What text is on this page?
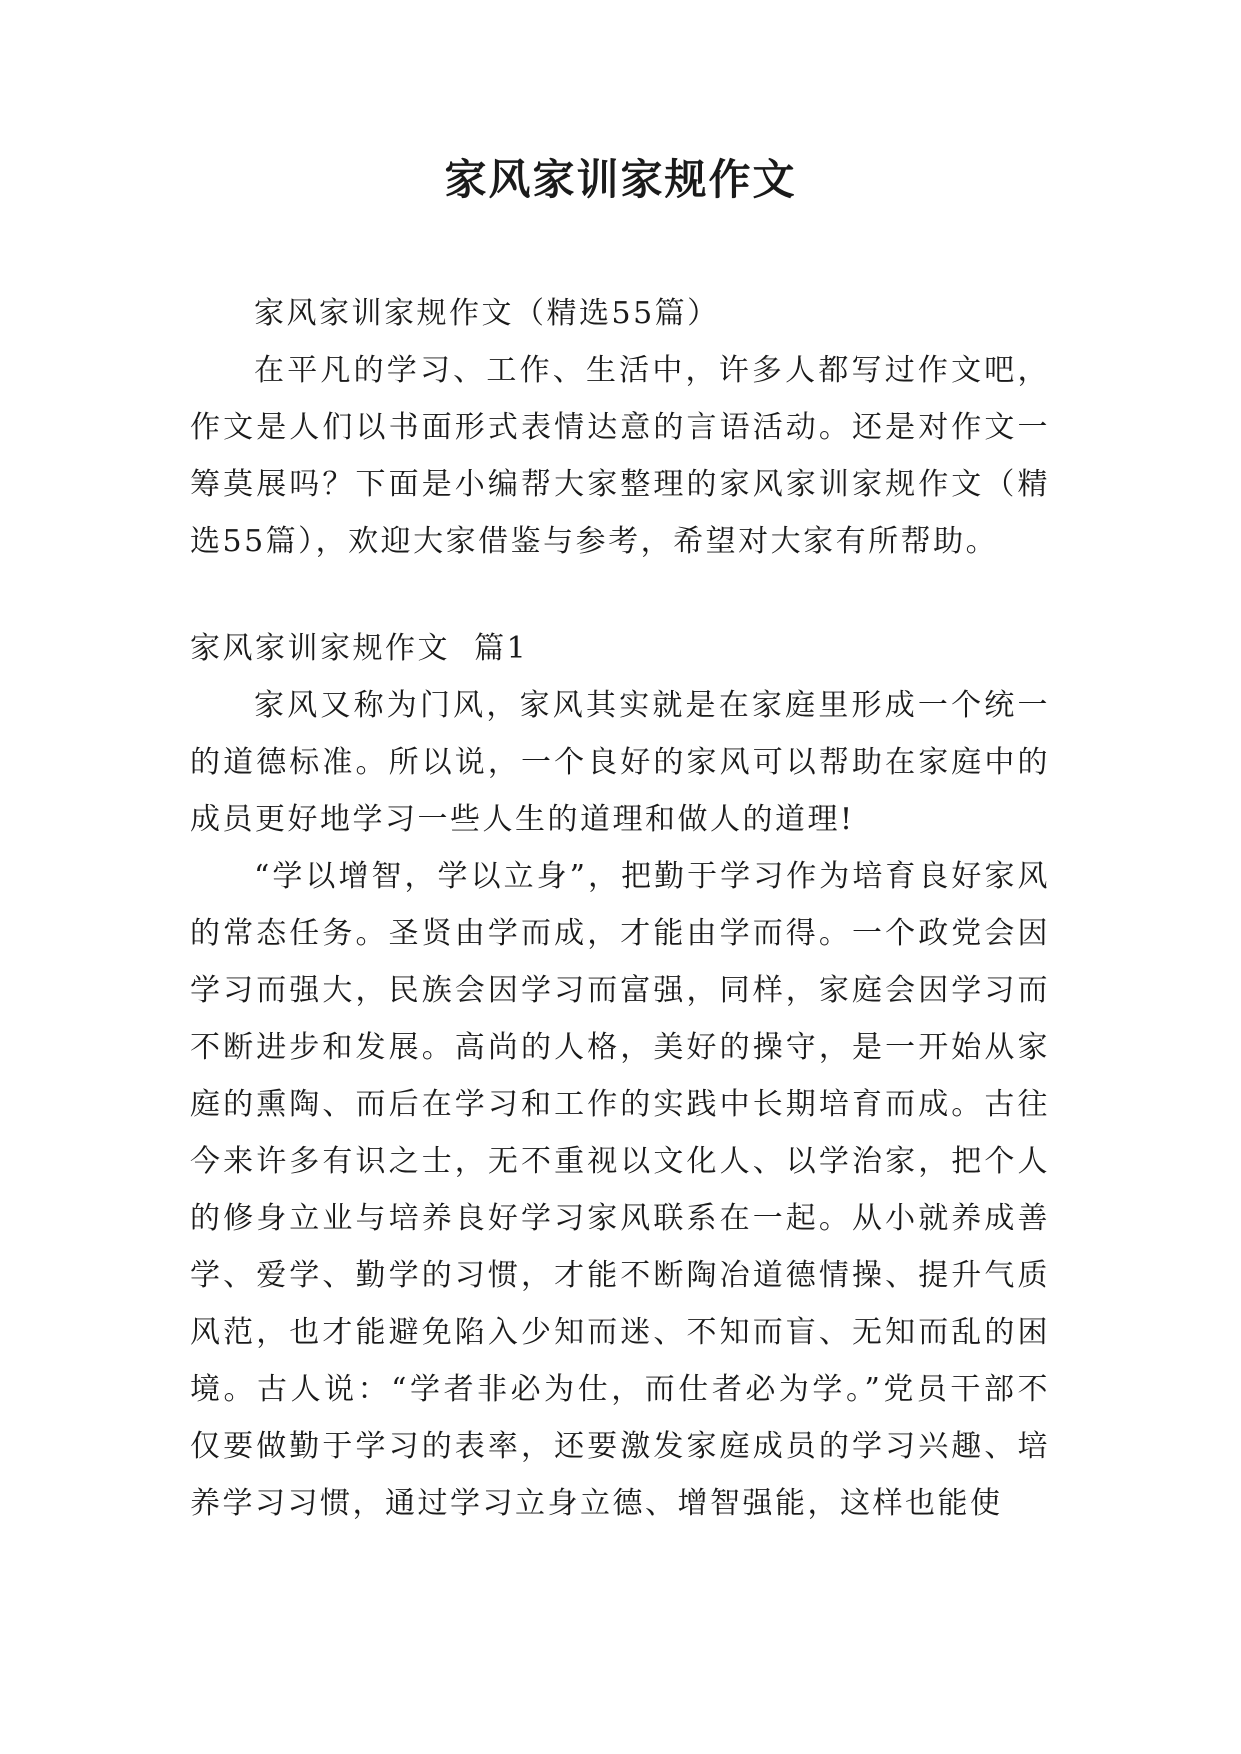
家风家训家规作文

家风家训家规作文（精选55篇）

在平凡的学习、工作、生活中，许多人都写过作文吧，作文是人们以书面形式表情达意的言语活动。还是对作文一筹莫展吗？下面是小编帮大家整理的家风家训家规作文（精选55篇），欢迎大家借鉴与参考，希望对大家有所帮助。

家风家训家规作文  篇1

家风又称为门风，家风其实就是在家庭里形成一个统一的道德标准。所以说，一个良好的家风可以帮助在家庭中的成员更好地学习一些人生的道理和做人的道理!

“学以增智，学以立身”，把勤于学习作为培育良好家风的常态任务。圣贤由学而成，才能由学而得。一个政党会因学习而强大，民族会因学习而富强，同样，家庭会因学习而不断进步和发展。高尚的人格，美好的操守，是一开始从家庭的熏陶、而后在学习和工作的实践中长期培育而成。古往今来许多有识之士，无不重视以文化人、以学治家，把个人的修身立业与培养良好学习家风联系在一起。从小就养成善学、爱学、勤学的习惯，才能不断陶冶道德情操、提升气质风范，也才能避免陷入少知而迷、不知而盲、无知而乱的困境。古人说：“学者非必为仕，而仕者必为学。”党员干部不仅要做勤于学习的表率，还要激发家庭成员的学习兴趣、培养学习习惯，通过学习立身立德、增智强能，这样也能使
